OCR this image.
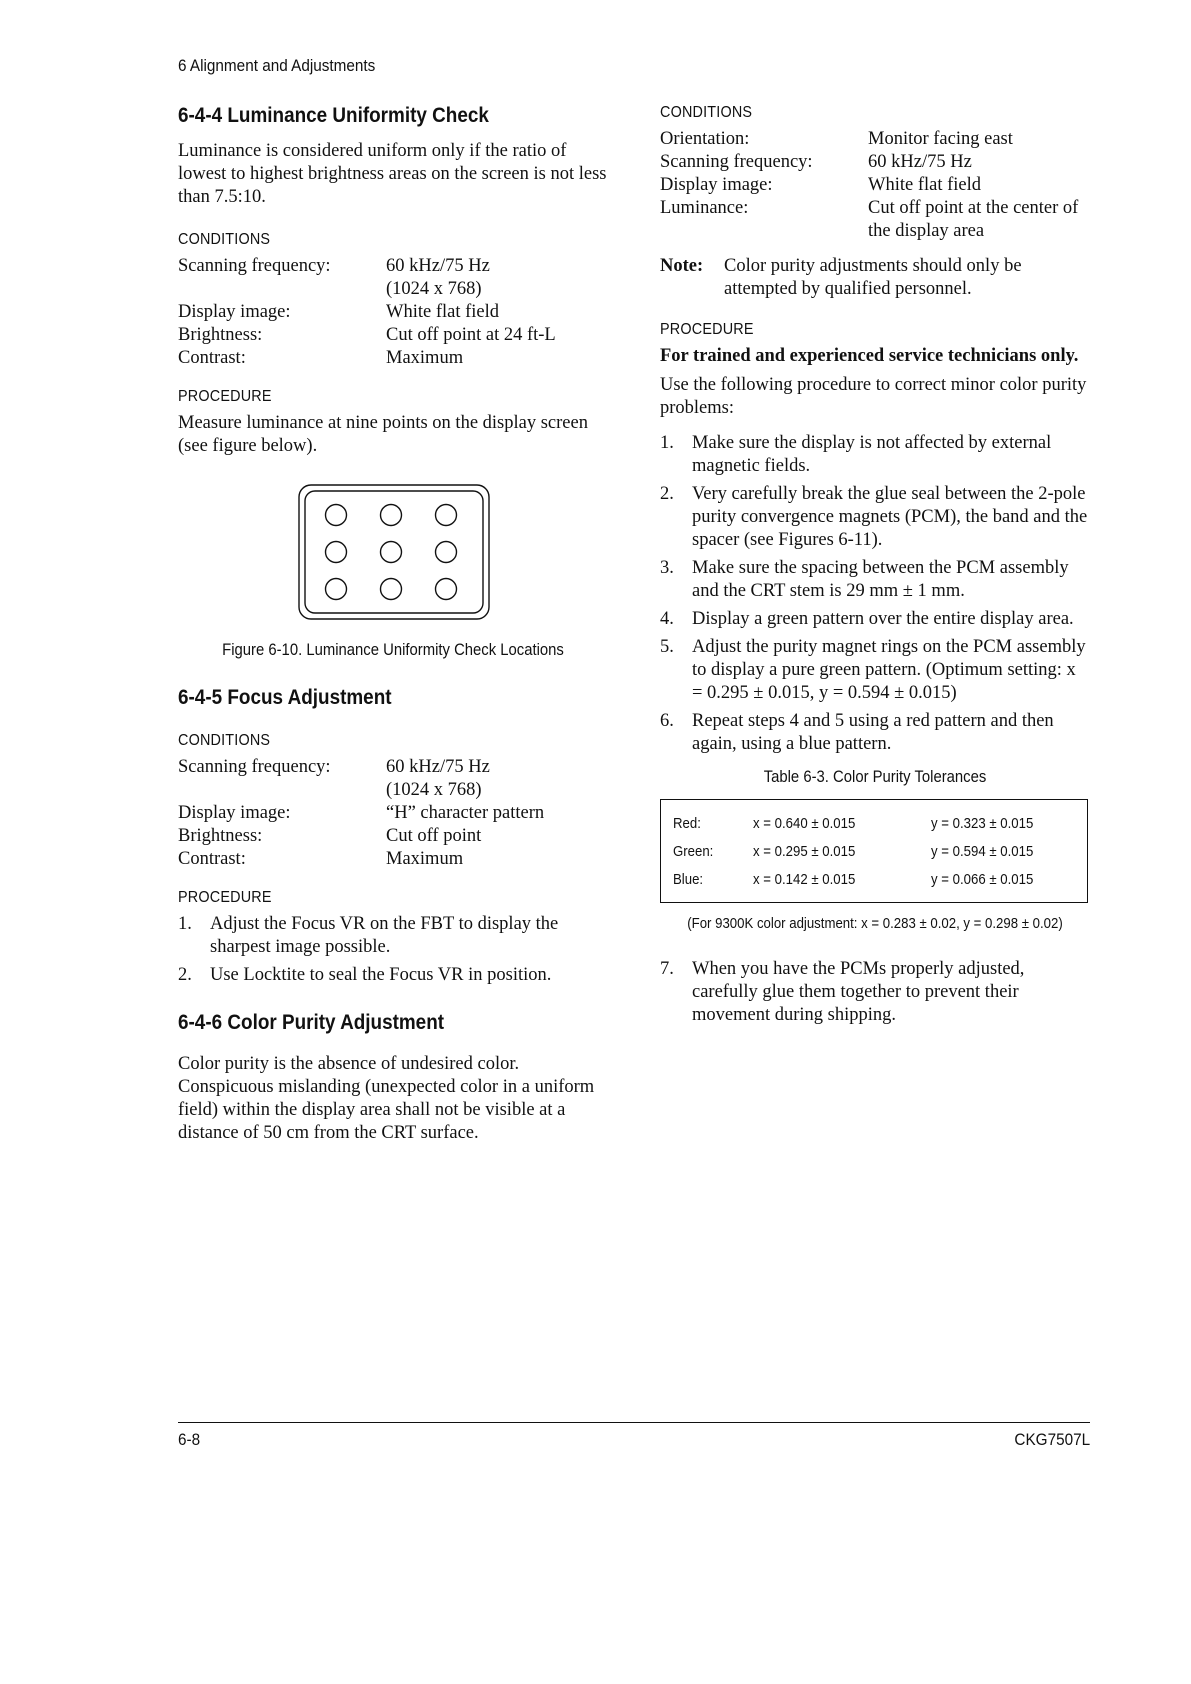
6 Alignment and Adjustments
6-4-4 Luminance Uniformity Check

Luminance is considered uniform only if the ratio of lowest to highest brightness areas on the screen is not less than 7.5:10.

CONDITIONS
Scanning frequency:	60 kHz/75 Hz
(1024 x 768)
Display image:	White flat field
Brightness:	Cut off point at 24 ft-L
Contrast:	Maximum
PROCEDURE

Measure luminance at nine points on the display screen (see figure below).

Figure 6-10. Luminance Uniformity Check Locations
6-4-5 Focus Adjustment
CONDITIONS
Scanning frequency:	60 kHz/75 Hz
(1024 x 768)
Display image:	“H” character pattern
Brightness:	Cut off point
Contrast:	Maximum
PROCEDURE
1. Adjust the Focus VR on the FBT to display the sharpest image possible.
2. Use Locktite to seal the Focus VR in position.
6-4-6 Color Purity Adjustment

Color purity is the absence of undesired color. Conspicuous mislanding (unexpected color in a uniform field) within the display area shall not be visible at a distance of 50 cm from the CRT surface.

CONDITIONS
Orientation:	Monitor facing east
Scanning frequency:	60 kHz/75 Hz
Display image:	White flat field
Luminance:	Cut off point at the center of the display area
Note:	Color purity adjustments should only be attempted by qualified personnel.
PROCEDURE

For trained and experienced service technicians only.

Use the following procedure to correct minor color purity problems:

1. Make sure the display is not affected by external magnetic fields.
2. Very carefully break the glue seal between the 2-pole purity convergence magnets (PCM), the band and the spacer (see Figures 6-11).
3. Make sure the spacing between the PCM assembly and the CRT stem is 29 mm ± 1 mm.
4. Display a green pattern over the entire display area.
5. Adjust the purity magnet rings on the PCM assembly to display a pure green pattern. (Optimum setting: x = 0.295 ± 0.015, y = 0.594 ± 0.015)
6. Repeat steps 4 and 5 using a red pattern and then again, using a blue pattern.
Table 6-3. Color Purity Tolerances
Red:	x = 0.640 ± 0.015	y = 0.323 ± 0.015
Green:	x = 0.295 ± 0.015	y = 0.594 ± 0.015
Blue:	x = 0.142 ± 0.015	y = 0.066 ± 0.015
(For 9300K color adjustment: x = 0.283 ± 0.02, y = 0.298 ± 0.02)
7. When you have the PCMs properly adjusted, carefully glue them together to prevent their movement during shipping.
6-8	CKG7507L
